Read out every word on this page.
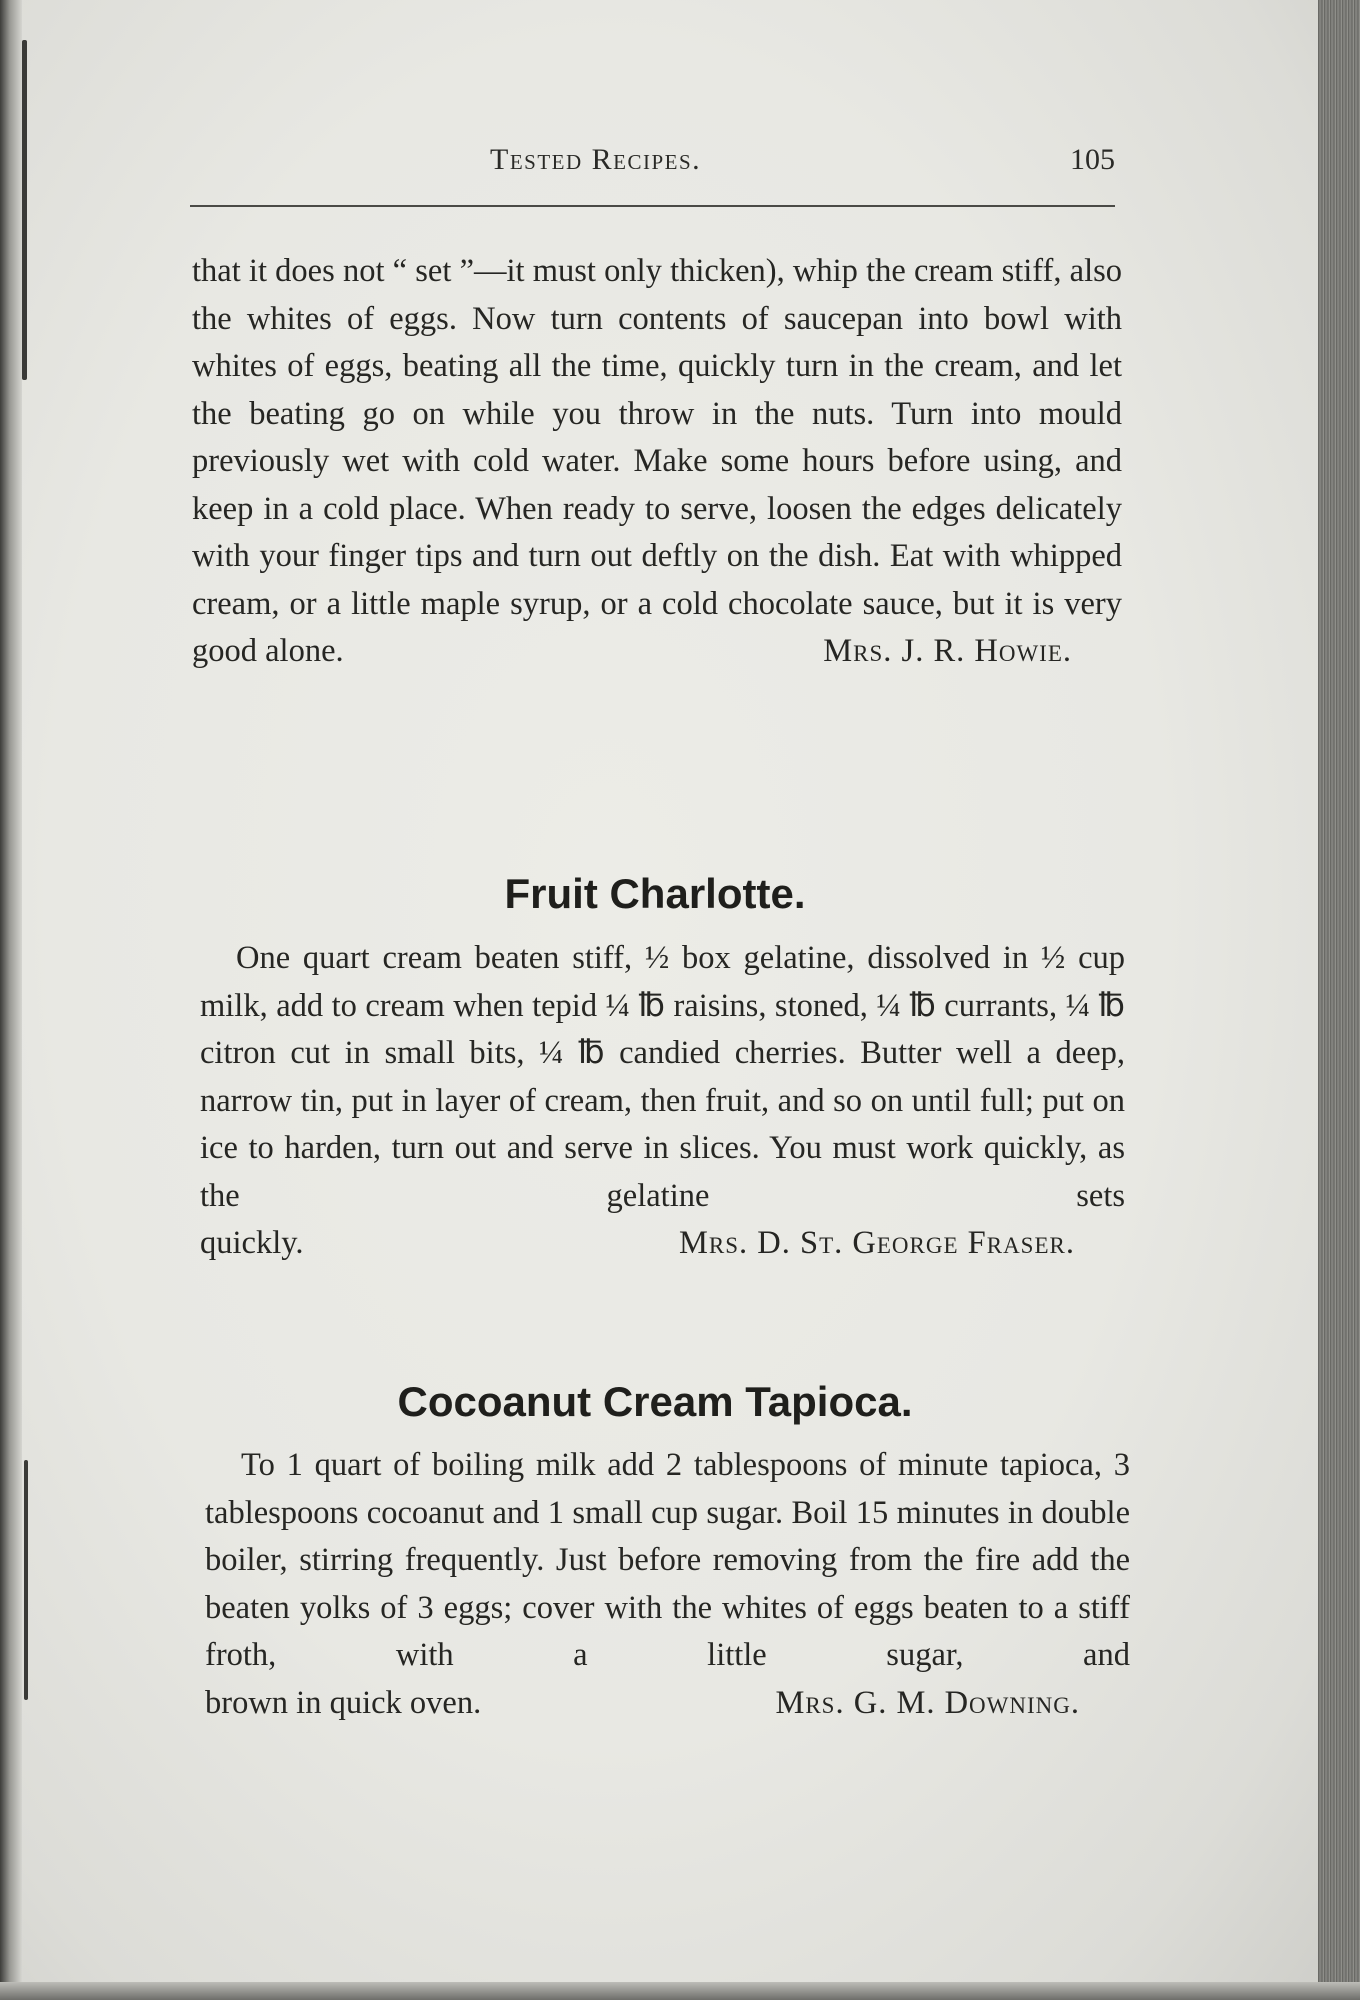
Tested Recipes.	105
that it does not “ set ”—it must only thicken), whip the cream stiff, also the whites of eggs. Now turn contents of saucepan into bowl with whites of eggs, beating all the time, quickly turn in the cream, and let the beating go on while you throw in the nuts. Turn into mould previously wet with cold water. Make some hours before using, and keep in a cold place. When ready to serve, loosen the edges delicately with your finger tips and turn out deftly on the dish. Eat with whipped cream, or a little maple syrup, or a cold chocolate sauce, but it is very
good alone.	Mrs. J. R. Howie.
Fruit Charlotte.
One quart cream beaten stiff, ½ box gelatine, dissolved in ½ cup milk, add to cream when tepid ¼ ℔ raisins, stoned, ¼ ℔ currants, ¼ ℔ citron cut in small bits, ¼ ℔ candied cherries. Butter well a deep, narrow tin, put in layer of cream, then fruit, and so on until full; put on ice to harden, turn out and serve in slices. You must work quickly, as the gelatine sets
quickly.	Mrs. D. St. George Fraser.
Cocoanut Cream Tapioca.
To 1 quart of boiling milk add 2 tablespoons of minute tapioca, 3 tablespoons cocoanut and 1 small cup sugar. Boil 15 minutes in double boiler, stirring frequently. Just before removing from the fire add the beaten yolks of 3 eggs; cover with the whites of eggs beaten to a stiff froth, with a little sugar, and
brown in quick oven.	Mrs. G. M. Downing.
